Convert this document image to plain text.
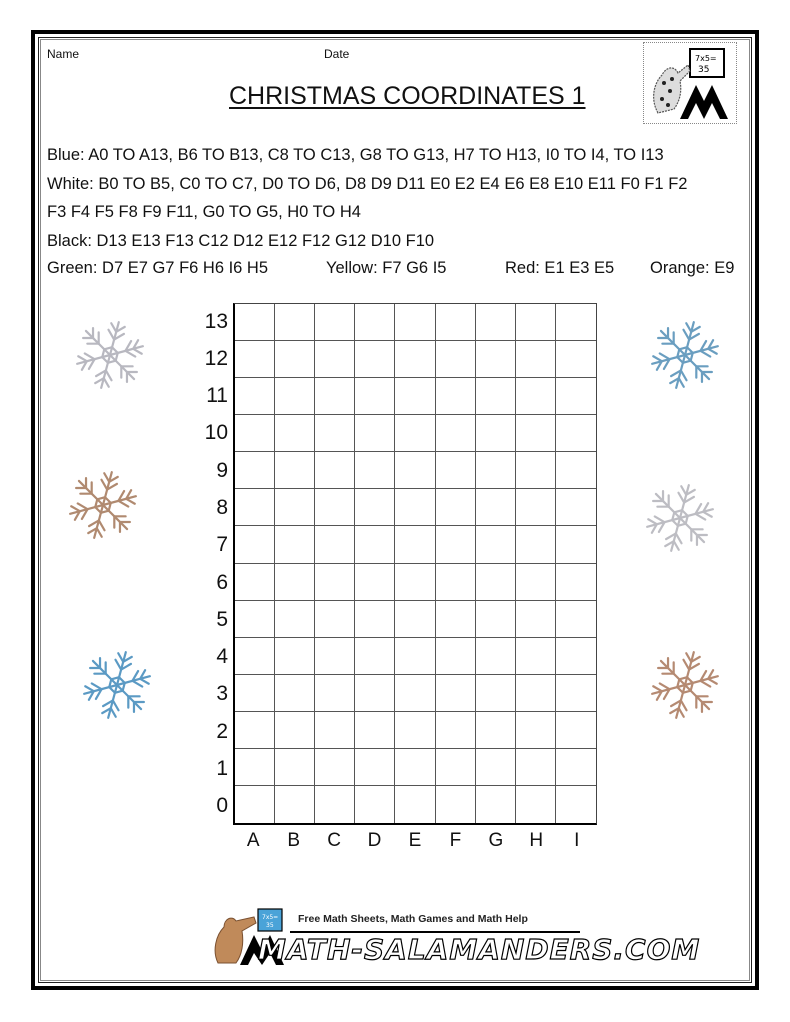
Name	Date
CHRISTMAS COORDINATES 1
7x5=
35
Blue: A0 TO A13, B6 TO B13, C8 TO C13, G8 TO G13, H7 TO H13, I0 TO I4, TO I13
White: B0 TO B5, C0 TO C7, D0 TO D6, D8 D9 D11 E0 E2 E4 E6 E8 E10 E11 F0 F1 F2
F3 F4 F5 F8 F9 F11, G0 TO G5, H0 TO H4
Black: D13 E13 F13 C12 D12 E12 F12 G12 D10 F10
Green: D7 E7 G7 F6 H6 I6 H5	Yellow: F7 G6 I5	Red: E1 E3 E5 Orange: E9
13
12
11
10
9
8
7
6
5
4
3
2
1
0
A	B	C	D	E	F	G	H	I
7x5=
35
Free Math Sheets, Math Games and Math Help
MATH-SALAMANDERS.COM
